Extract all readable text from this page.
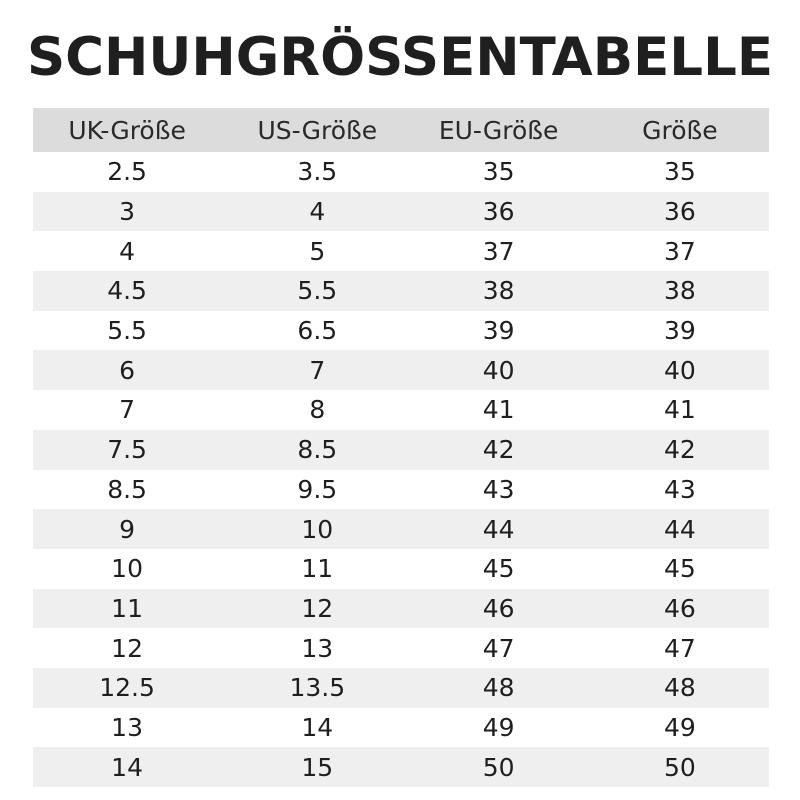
SCHUHGRÖSSENTABELLE
UK-Größe	US-Größe	EU-Größe	Größe
2.5	3.5	35	35
3	4	36	36
4	5	37	37
4.5	5.5	38	38
5.5	6.5	39	39
6	7	40	40
7	8	41	41
7.5	8.5	42	42
8.5	9.5	43	43
9	10	44	44
10	11	45	45
11	12	46	46
12	13	47	47
12.5	13.5	48	48
13	14	49	49
14	15	50	50
